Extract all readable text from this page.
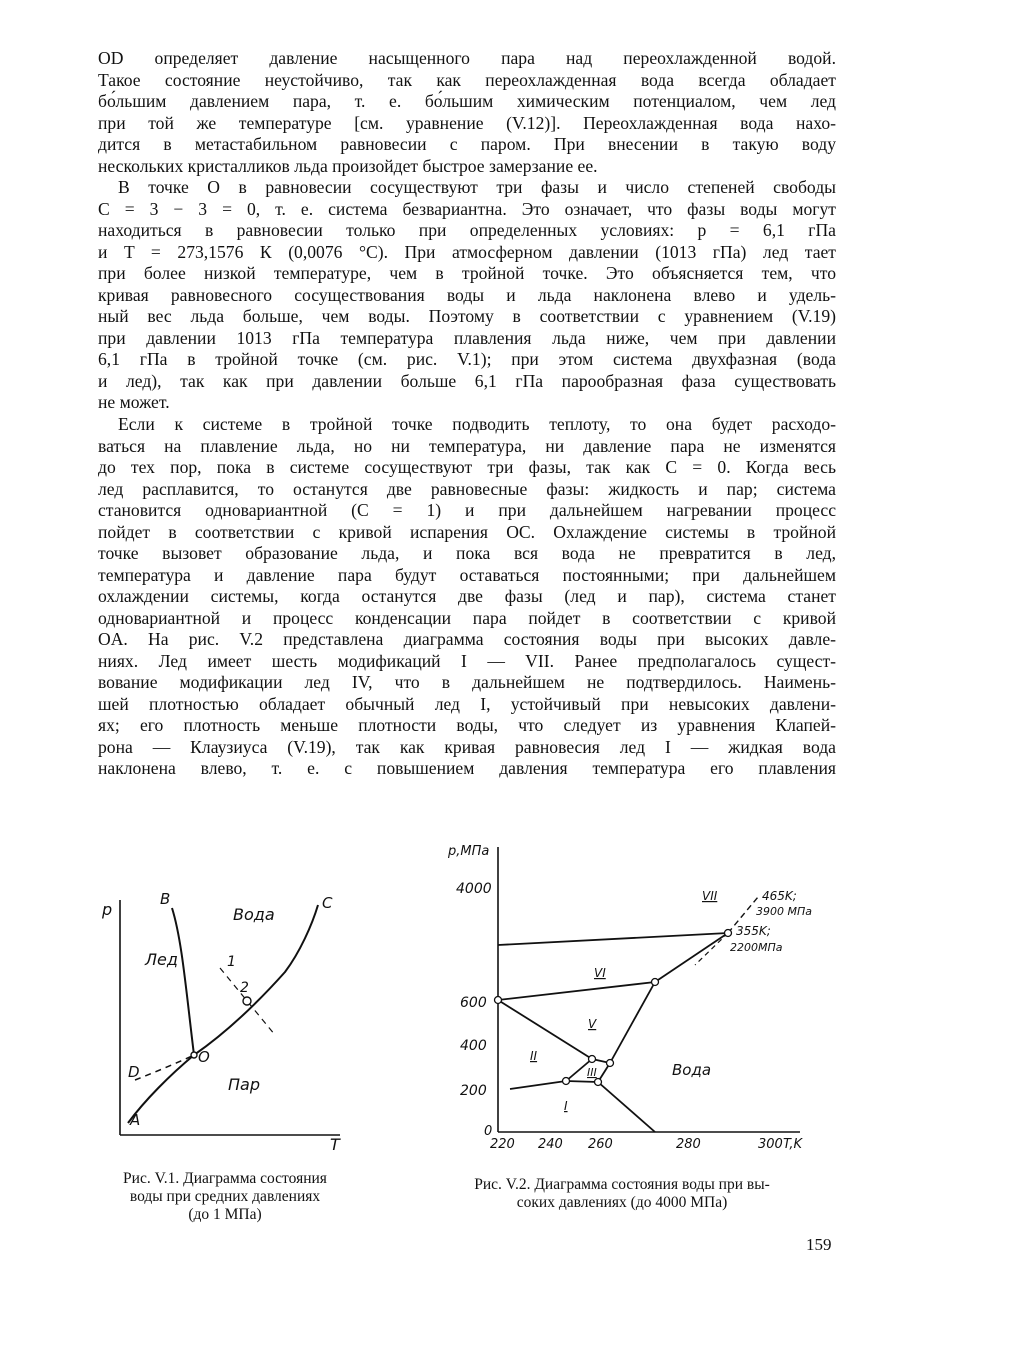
OD определяет давление насыщенного пара над переохлажденной водой.
Такое состояние неустойчиво, так как переохлажденная вода всегда обладает
бо́льшим давлением пара, т. е. бо́льшим химическим потенциалом, чем лед
при той же температуре [см. уравнение (V.12)]. Переохлажденная вода нахо-
дится в метастабильном равновесии с паром. При внесении в такую воду
нескольких кристалликов льда произойдет быстрое замерзание ее.
В точке O в равновесии сосуществуют три фазы и число степеней свободы
C = 3 − 3 = 0, т. е. система безвариантна. Это означает, что фазы воды могут
находиться в равновесии только при определенных условиях: p = 6,1 гПа
и T = 273,1576 К (0,0076 °С). При атмосферном давлении (1013 гПа) лед тает
при более низкой температуре, чем в тройной точке. Это объясняется тем, что
кривая равновесного сосуществования воды и льда наклонена влево и удель-
ный вес льда больше, чем воды. Поэтому в соответствии с уравнением (V.19)
при давлении 1013 гПа температура плавления льда ниже, чем при давлении
6,1 гПа в тройной точке (см. рис. V.1); при этом система двухфазная (вода
и лед), так как при давлении больше 6,1 гПа парообразная фаза существовать
не может.
Если к системе в тройной точке подводить теплоту, то она будет расходо-
ваться на плавление льда, но ни температура, ни давление пара не изменятся
до тех пор, пока в системе сосуществуют три фазы, так как C = 0. Когда весь
лед расплавится, то останутся две равновесные фазы: жидкость и пар; система
становится одновариантной (C = 1) и при дальнейшем нагревании процесс
пойдет в соответствии с кривой испарения OC. Охлаждение системы в тройной
точке вызовет образование льда, и пока вся вода не превратится в лед,
температура и давление пара будут оставаться постоянными; при дальнейшем
охлаждении системы, когда останутся две фазы (лед и пар), система станет
одновариантной и процесс конденсации пара пойдет в соответствии с кривой
OA. На рис. V.2 представлена диаграмма состояния воды при высоких давле-
ниях. Лед имеет шесть модификаций I — VII. Ранее предполагалось сущест-
вование модификации лед IV, что в дальнейшем не подтвердилось. Наимень-
шей плотностью обладает обычный лед I, устойчивый при невысоких давлени-
ях; его плотность меньше плотности воды, что следует из уравнения Клапей-
рона — Клаузиуса (V.19), так как кривая равновесия лед I — жидкая вода
наклонена влево, т. е. с повышением давления температура его плавления
p
T
B	C
Вода
Лед
Пар
O
D
A
1
2
Рис. V.1. Диаграмма состояния
воды при средних давлениях
(до 1 МПа)
p,МПа
4000
600
400
200
0
220 240 260	280	300 T,K
VII
VI
V
II
III
I
Вода
465K;
3900 МПа
355K;
2200МПа
Рис. V.2. Диаграмма состояния воды при вы-
соких давлениях (до 4000 МПа)
159
